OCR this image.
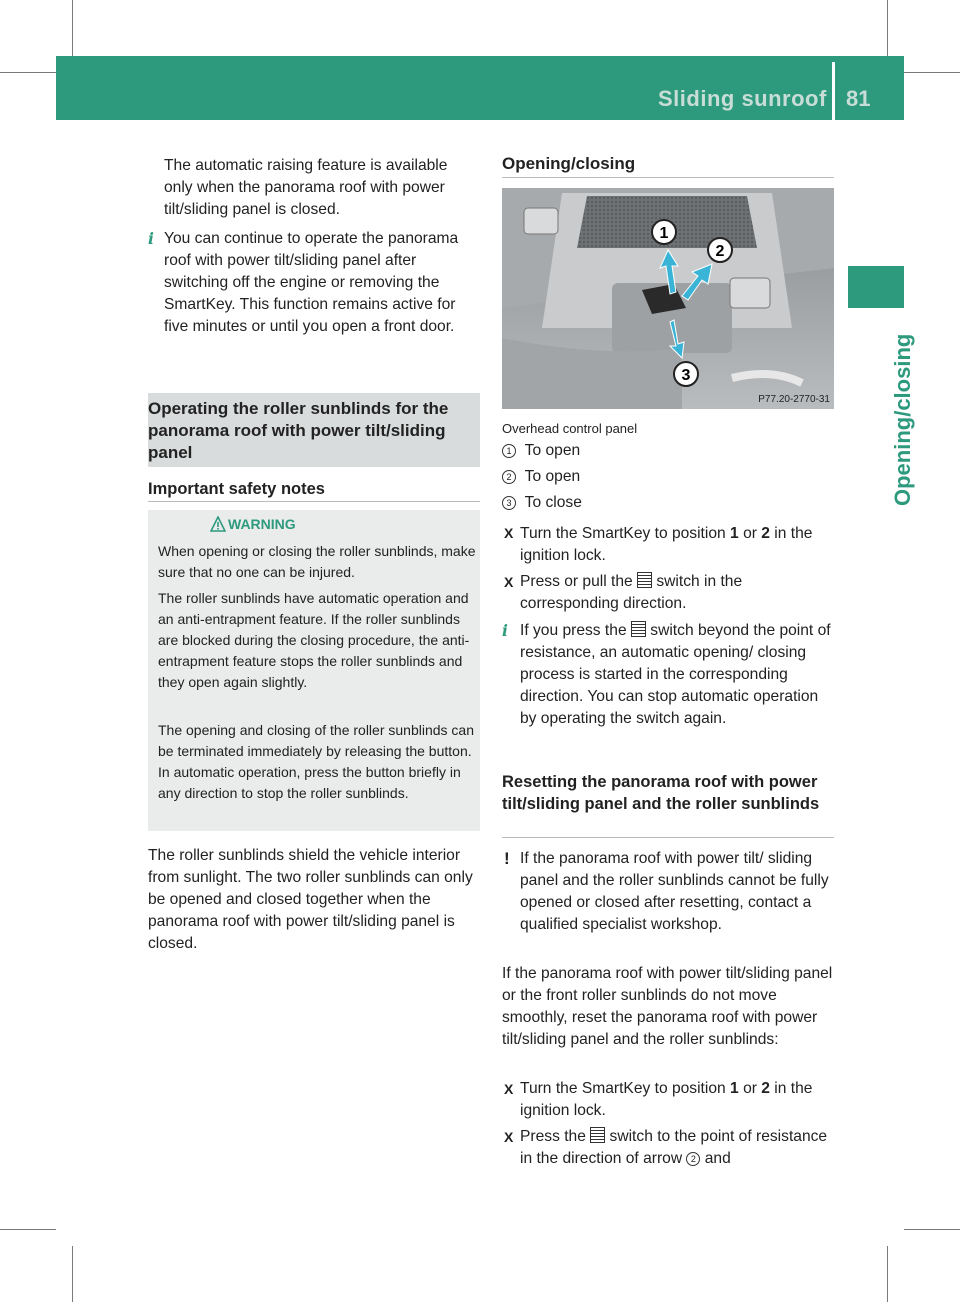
Sliding sunroof 81
Opening/closing

The automatic raising feature is available only when the panorama roof with power tilt/sliding panel is closed.

i You can continue to operate the panorama roof with power tilt/sliding panel after switching off the engine or removing the SmartKey. This function remains active for five minutes or until you open a front door.

Operating the roller sunblinds for the panorama roof with power tilt/sliding panel
Important safety notes
WARNING

When opening or closing the roller sunblinds, make sure that no one can be injured.

The roller sunblinds have automatic operation and an anti-entrapment feature. If the roller sunblinds are blocked during the closing procedure, the anti-entrapment feature stops the roller sunblinds and they open again slightly.

The opening and closing of the roller sunblinds can be terminated immediately by releasing the button. In automatic operation, press the button briefly in any direction to stop the roller sunblinds.

The roller sunblinds shield the vehicle interior from sunlight. The two roller sunblinds can only be opened and closed together when the panorama roof with power tilt/sliding panel is closed.

Opening/closing
1
2
3
P77.20-2770-31
Overhead control panel
1 To open
2 To open
3 To close
X Turn the SmartKey to position 1 or 2 in the ignition lock.

X Press or pull the  switch in the corresponding direction.

i If you press the  switch beyond the point of resistance, an automatic opening/ closing process is started in the corresponding direction. You can stop automatic operation by operating the switch again.

Resetting the panorama roof with power tilt/sliding panel and the roller sunblinds
! If the panorama roof with power tilt/ sliding panel and the roller sunblinds cannot be fully opened or closed after resetting, contact a qualified specialist workshop.

If the panorama roof with power tilt/sliding panel or the front roller sunblinds do not move smoothly, reset the panorama roof with power tilt/sliding panel and the roller sunblinds:

X Turn the SmartKey to position 1 or 2 in the ignition lock.

X Press the  switch to the point of resistance in the direction of arrow 2 and
